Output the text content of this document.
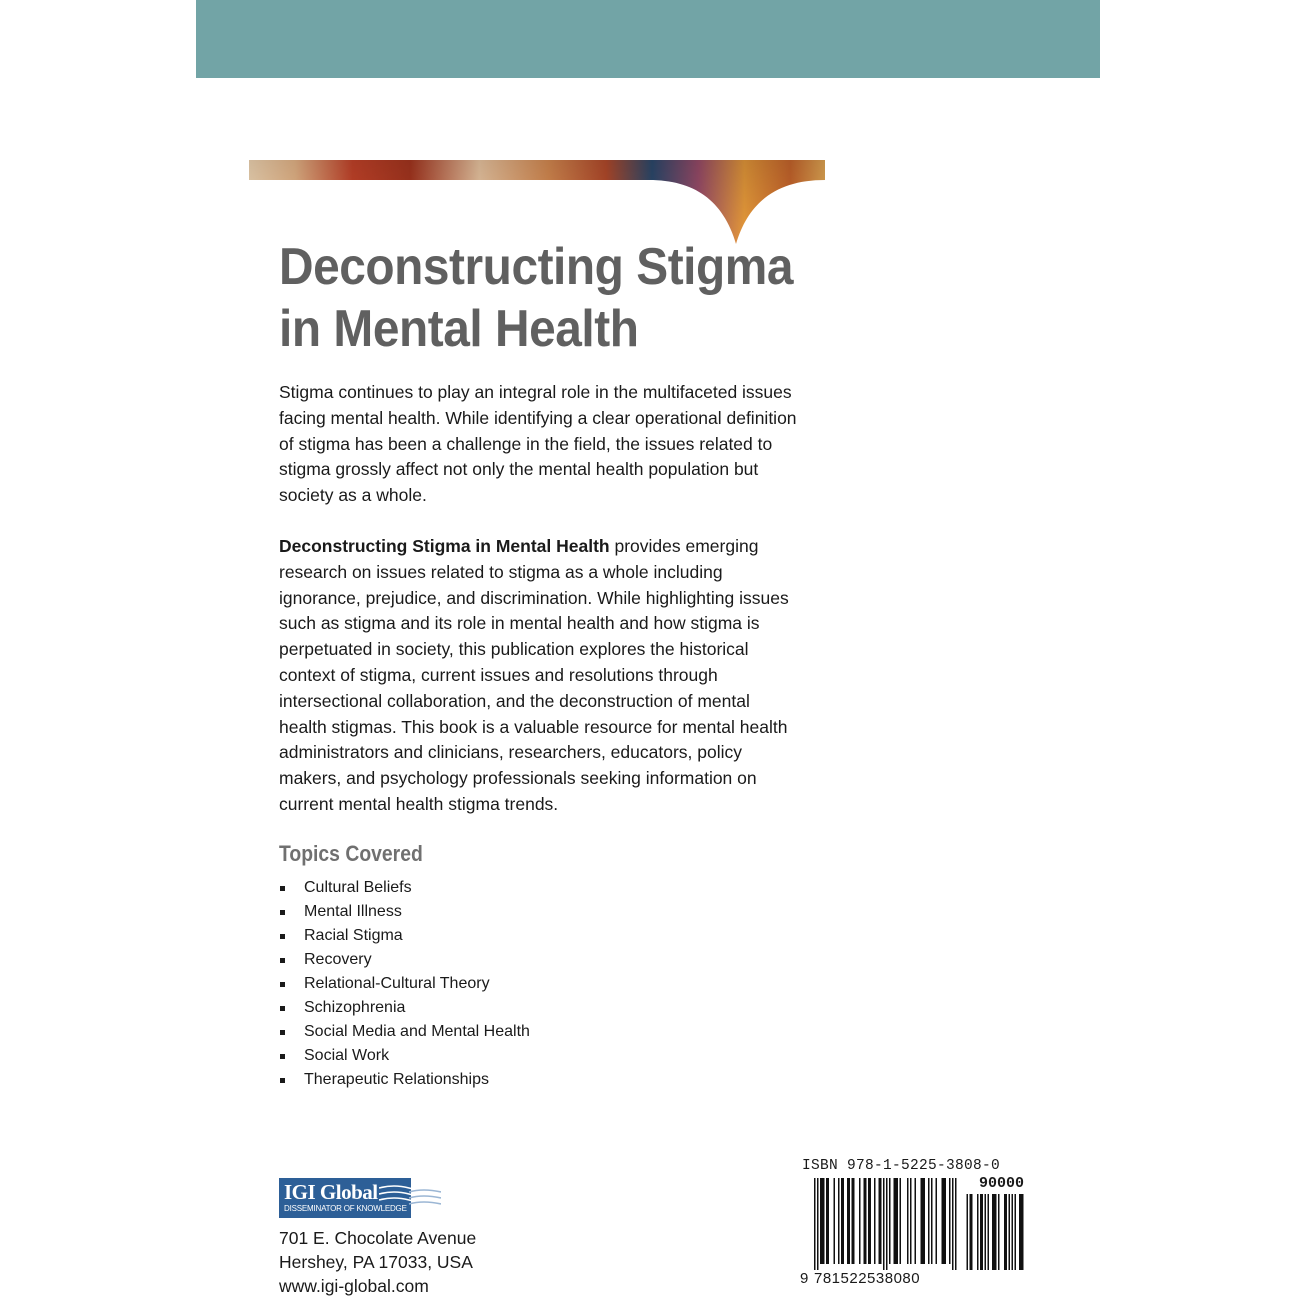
Deconstructing Stigma
in Mental Health

Stigma continues to play an integral role in the multifaceted issues facing mental health. While identifying a clear operational definition of stigma has been a challenge in the field, the issues related to stigma grossly affect not only the mental health population but society as a whole.

Deconstructing Stigma in Mental Health provides emerging research on issues related to stigma as a whole including ignorance, prejudice, and discrimination. While highlighting issues such as stigma and its role in mental health and how stigma is perpetuated in society, this publication explores the historical context of stigma, current issues and resolutions through intersectional collaboration, and the deconstruction of mental health stigmas. This book is a valuable resource for mental health administrators and clinicians, researchers, educators, policy makers, and psychology professionals seeking information on current mental health stigma trends.

Topics Covered
Cultural Beliefs
Mental Illness
Racial Stigma
Recovery
Relational-Cultural Theory
Schizophrenia
Social Media and Mental Health
Social Work
Therapeutic Relationships
IGI Global
DISSEMINATOR OF KNOWLEDGE
701 E. Chocolate Avenue
Hershey, PA 17033, USA
www.igi-global.com
ISBN 978-1-5225-3808-0
90000
9 781522538080
